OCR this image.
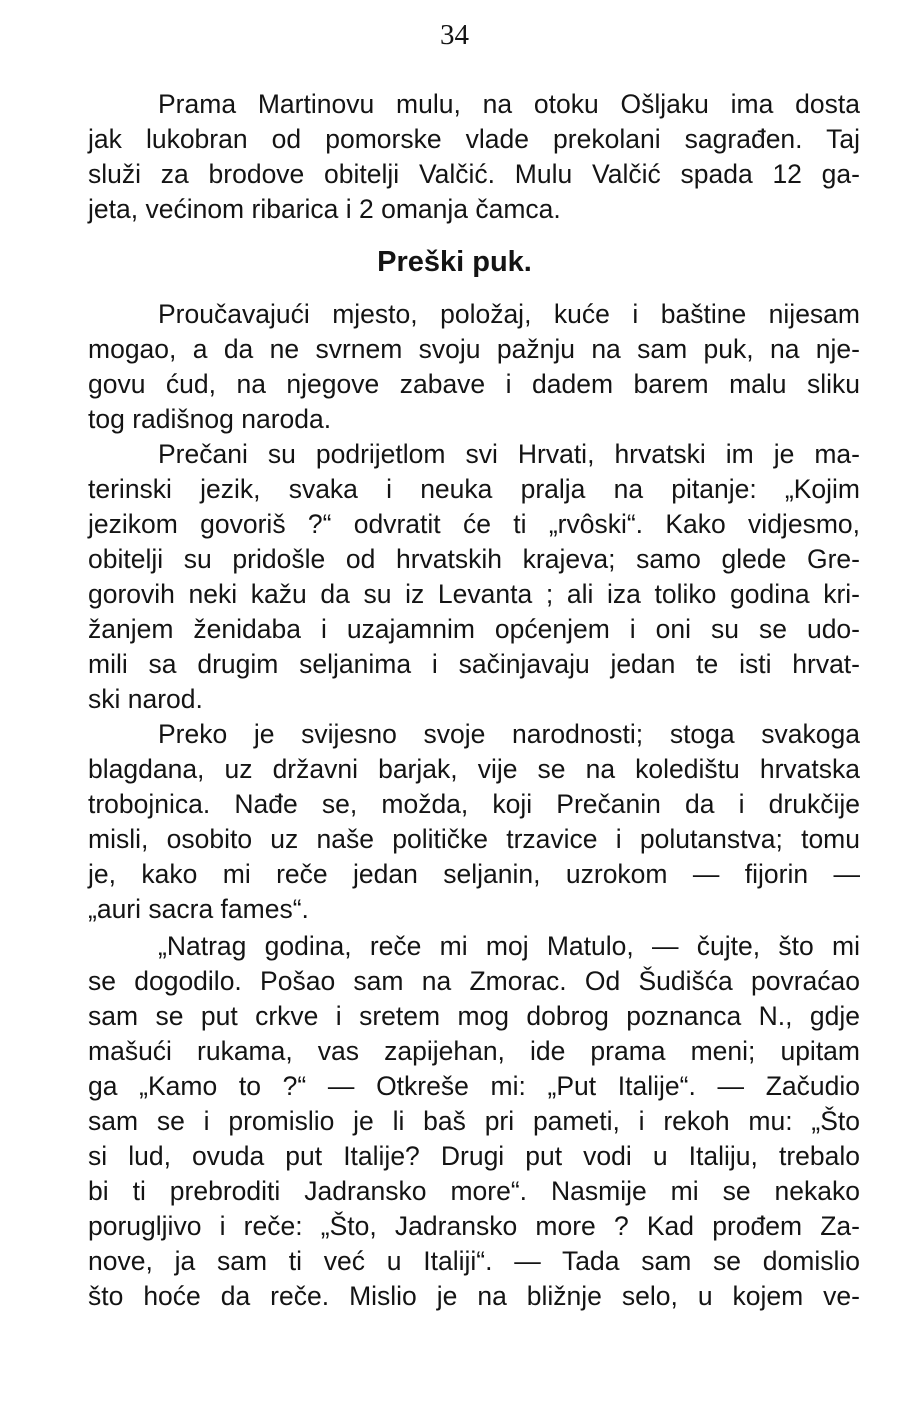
34
Prama Martinovu mulu, na otoku Ošljaku ima dosta
jak lukobran od pomorske vlade prekolani sagrađen. Taj
služi za brodove obitelji Valčić. Mulu Valčić spada 12 ga-
jeta, većinom ribarica i 2 omanja čamca.
Preški puk.
Proučavajući mjesto, položaj, kuće i baštine nijesam
mogao, a da ne svrnem svoju pažnju na sam puk, na nje-
govu ćud, na njegove zabave i dadem barem malu sliku
tog radišnog naroda.
Prečani su podrijetlom svi Hrvati, hrvatski im je ma-
terinski jezik, svaka i neuka pralja na pitanje: „Kojim
jezikom govoriš ?“ odvratit će ti „rvôski“. Kako vidjesmo,
obitelji su pridošle od hrvatskih krajeva; samo glede Gre-
gorovih neki kažu da su iz Levanta ; ali iza toliko godina kri-
žanjem ženidaba i uzajamnim općenjem i oni su se udo-
mili sa drugim seljanima i sačinjavaju jedan te isti hrvat-
ski narod.
Preko je svijesno svoje narodnosti; stoga svakoga
blagdana, uz državni barjak, vije se na koledištu hrvatska
trobojnica. Nađe se, možda, koji Prečanin da i drukčije
misli, osobito uz naše političke trzavice i polutanstva; tomu
je, kako mi reče jedan seljanin, uzrokom — fijorin —
„auri sacra fames“.
„Natrag godina, reče mi moj Matulo, — čujte, što mi
se dogodilo. Pošao sam na Zmorac. Od Šudišća povraćao
sam se put crkve i sretem mog dobrog poznanca N., gdje
mašući rukama, vas zapijehan, ide prama meni; upitam
ga „Kamo to ?“ — Otkreše mi: „Put Italije“. — Začudio
sam se i promislio je li baš pri pameti, i rekoh mu: „Što
si lud, ovuda put Italije? Drugi put vodi u Italiju, trebalo
bi ti prebroditi Jadransko more“. Nasmije mi se nekako
porugljivo i reče: „Što, Jadransko more ? Kad prođem Za-
nove, ja sam ti već u Italiji“. — Tada sam se domislio
što hoće da reče. Mislio je na bližnje selo, u kojem ve-
